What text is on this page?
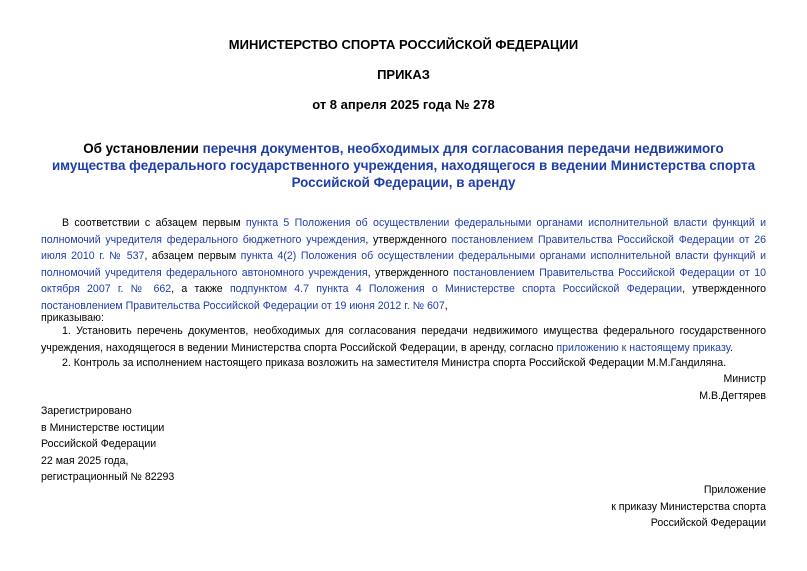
МИНИСТЕРСТВО СПОРТА РОССИЙСКОЙ ФЕДЕРАЦИИ
ПРИКАЗ
от 8 апреля 2025 года № 278

Об установлении перечня документов, необходимых для согласования передачи недвижимого имущества федерального государственного учреждения, находящегося в ведении Министерства спорта Российской Федерации, в аренду

В соответствии с абзацем первым пункта 5 Положения об осуществлении федеральными органами исполнительной власти функций и полномочий учредителя федерального бюджетного учреждения, утвержденного постановлением Правительства Российской Федерации от 26 июля 2010 г. № 537, абзацем первым пункта 4(2) Положения об осуществлении федеральными органами исполнительной власти функций и полномочий учредителя федерального автономного учреждения, утвержденного постановлением Правительства Российской Федерации от 10 октября 2007 г. № 662, а также подпунктом 4.7 пункта 4 Положения о Министерстве спорта Российской Федерации, утвержденного постановлением Правительства Российской Федерации от 19 июня 2012 г. № 607,

приказываю:

1. Установить перечень документов, необходимых для согласования передачи недвижимого имущества федерального государственного учреждения, находящегося в ведении Министерства спорта Российской Федерации, в аренду, согласно приложению к настоящему приказу.

2. Контроль за исполнением настоящего приказа возложить на заместителя Министра спорта Российской Федерации М.М.Гандиляна.

Министр
М.В.Дегтярев
Зарегистрировано
в Министерстве юстиции
Российской Федерации
22 мая 2025 года,
регистрационный № 82293
Приложение
к приказу Министерства спорта
Российской Федерации
